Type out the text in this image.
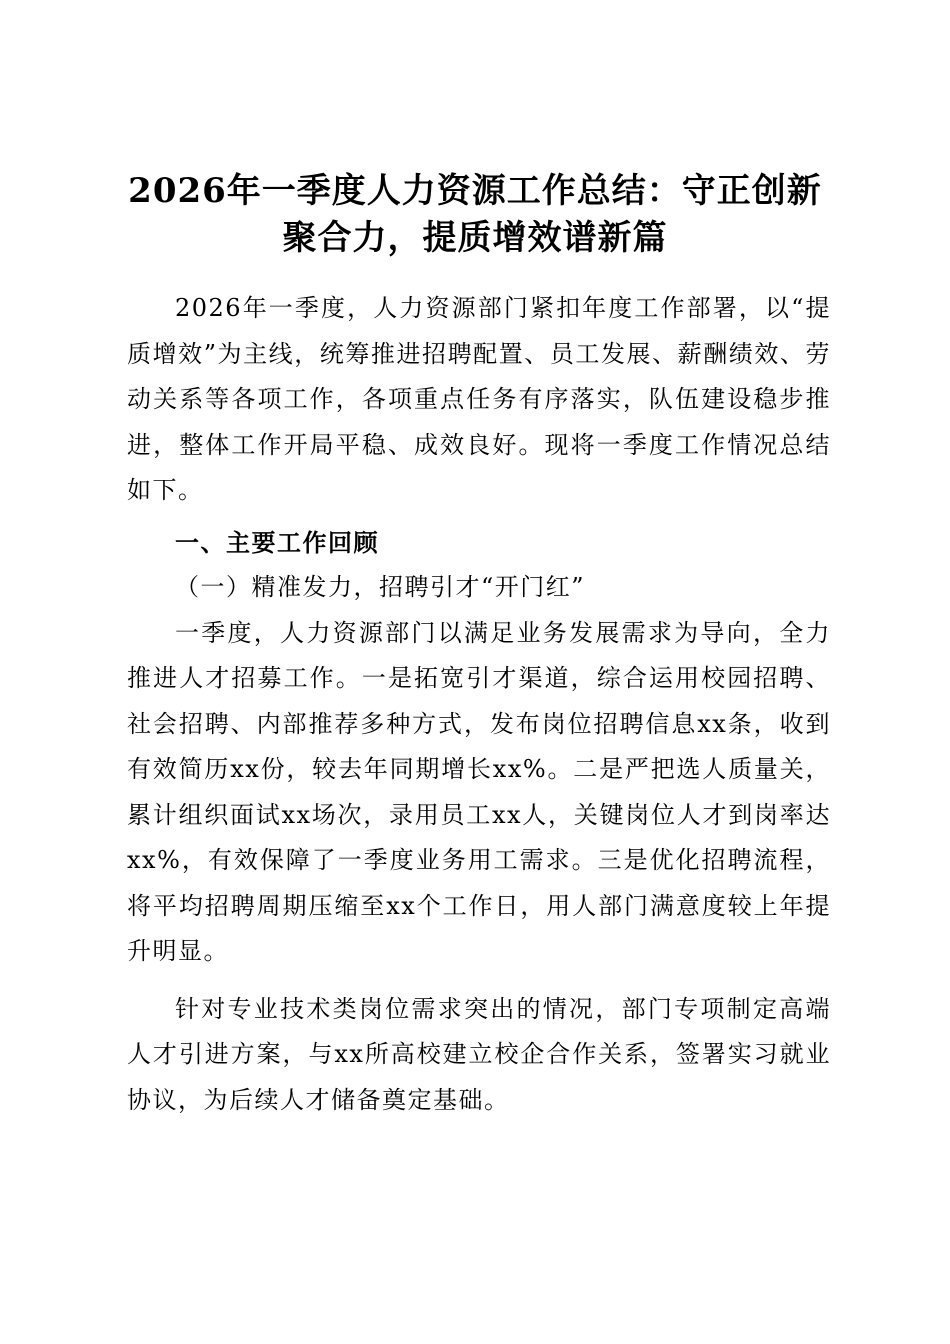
2026年一季度人力资源工作总结：守正创新
聚合力，提质增效谱新篇

2026年一季度，人力资源部门紧扣年度工作部署，以“提质增效”为主线，统筹推进招聘配置、员工发展、薪酬绩效、劳动关系等各项工作，各项重点任务有序落实，队伍建设稳步推进，整体工作开局平稳、成效良好。现将一季度工作情况总结如下。

一、主要工作回顾
（一）精准发力，招聘引才“开门红”

一季度，人力资源部门以满足业务发展需求为导向，全力推进人才招募工作。一是拓宽引才渠道，综合运用校园招聘、社会招聘、内部推荐多种方式，发布岗位招聘信息xx条，收到有效简历xx份，较去年同期增长xx%。二是严把选人质量关，累计组织面试xx场次，录用员工xx人，关键岗位人才到岗率达xx%，有效保障了一季度业务用工需求。三是优化招聘流程，将平均招聘周期压缩至xx个工作日，用人部门满意度较上年提升明显。

针对专业技术类岗位需求突出的情况，部门专项制定高端人才引进方案，与xx所高校建立校企合作关系，签署实习就业协议，为后续人才储备奠定基础。
